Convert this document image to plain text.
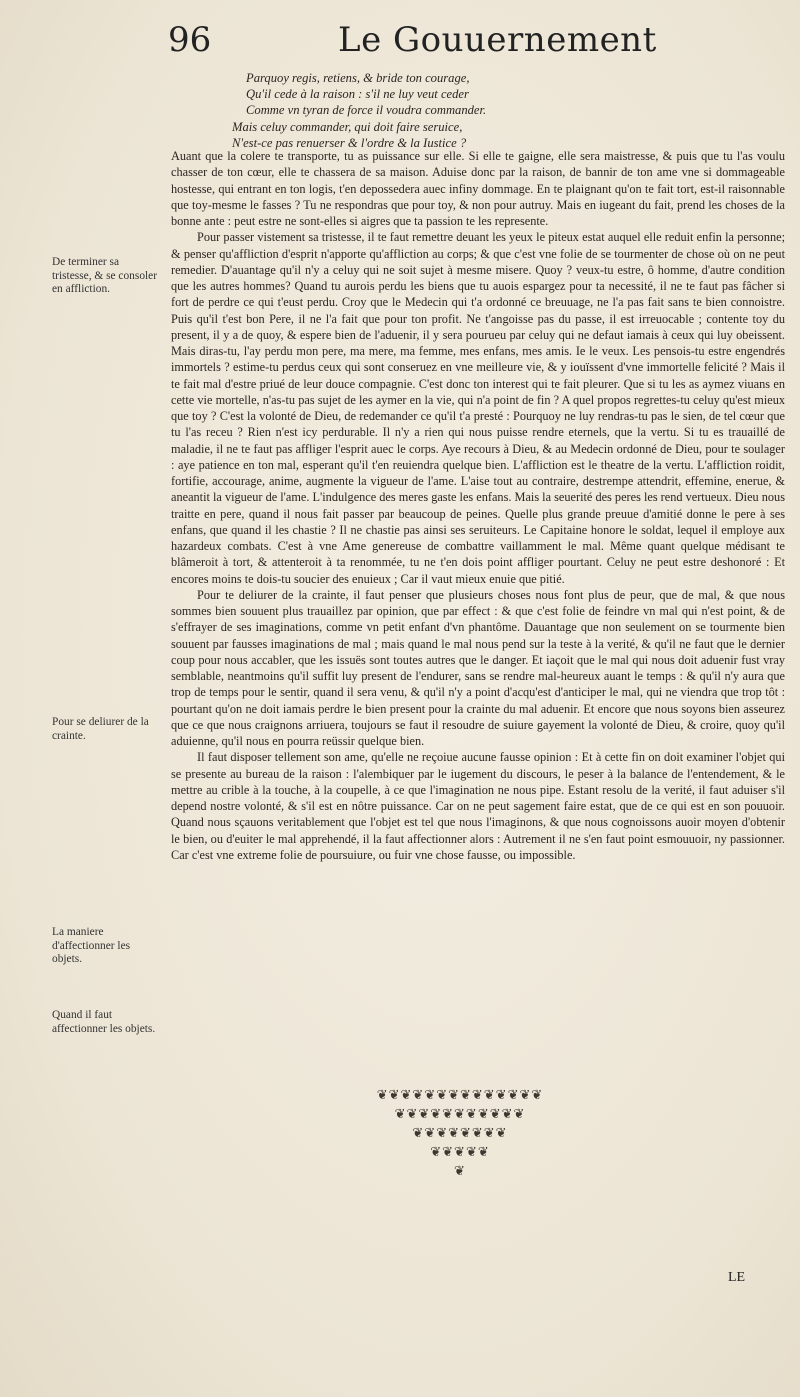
96	Le Gouuernement
Parquoy regis, retiens, & bride ton courage,
Qu'il cede à la raison : s'il ne luy veut ceder
Comme vn tyran de force il voudra commander.
Mais celuy commander, qui doit faire seruice,
N'est-ce pas renuerser & l'ordre & la Iustice ?

Auant que la colere te transporte, tu as puissance sur elle. Si elle te gaigne, elle sera maistresse, & puis que tu l'as voulu chasser de ton cœur, elle te chassera de sa maison. Aduise donc par la raison, de bannir de ton ame vne si dommageable hostesse, qui entrant en ton logis, t'en depossedera auec infiny dommage. En te plaignant qu'on te fait tort, est-il raisonnable que toy-mesme le fasses ? Tu ne respondras que pour toy, & non pour autruy. Mais en iugeant du fait, prend les choses de la bonne ante : peut estre ne sont-elles si aigres que ta passion te les represente.

Pour passer vistement sa tristesse, il te faut remettre deuant les yeux le piteux estat auquel elle reduit enfin la personne; & penser qu'affliction d'esprit n'apporte qu'affliction au corps; & que c'est vne folie de se tourmenter de chose où on ne peut remedier. D'auantage qu'il n'y a celuy qui ne soit sujet à mesme misere. Quoy ? veux-tu estre, ô homme, d'autre condition que les autres hommes? Quand tu aurois perdu les biens que tu auois espargez pour ta necessité, il ne te faut pas fâcher si fort de perdre ce qui t'eust perdu. Croy que le Medecin qui t'a ordonné ce breuuage, ne l'a pas fait sans te bien connoistre. Puis qu'il t'est bon Pere, il ne l'a fait que pour ton profit. Ne t'angoisse pas du passe, il est irreuocable ; contente toy du present, il y a de quoy, & espere bien de l'aduenir, il y sera pourueu par celuy qui ne defaut iamais à ceux qui luy obeissent. Mais diras-tu, l'ay perdu mon pere, ma mere, ma femme, mes enfans, mes amis. Ie le veux. Les pensois-tu estre engendrés immortels ? estime-tu perdus ceux qui sont conseruez en vne meilleure vie, & y iouïssent d'vne immortelle felicité ? Mais il te fait mal d'estre priué de leur douce compagnie. C'est donc ton interest qui te fait pleurer. Que si tu les as aymez viuans en cette vie mortelle, n'as-tu pas sujet de les aymer en la vie, qui n'a point de fin ? A quel propos regrettes-tu celuy qu'est mieux que toy ? C'est la volonté de Dieu, de redemander ce qu'il t'a presté : Pourquoy ne luy rendras-tu pas le sien, de tel cœur que tu l'as receu ? Rien n'est icy perdurable. Il n'y a rien qui nous puisse rendre eternels, que la vertu. Si tu es trauaillé de maladie, il ne te faut pas affliger l'esprit auec le corps. Aye recours à Dieu, & au Medecin ordonné de Dieu, pour te soulager : aye patience en ton mal, esperant qu'il t'en reuiendra quelque bien. L'affliction est le theatre de la vertu. L'affliction roidit, fortifie, accourage, anime, augmente la vigueur de l'ame. L'aise tout au contraire, destrempe attendrit, effemine, enerue, & aneantit la vigueur de l'ame. L'indulgence des meres gaste les enfans. Mais la seuerité des peres les rend vertueux. Dieu nous traitte en pere, quand il nous fait passer par beaucoup de peines. Quelle plus grande preuue d'amitié donne le pere à ses enfans, que quand il les chastie ? Il ne chastie pas ainsi ses seruiteurs. Le Capitaine honore le soldat, lequel il employe aux hazardeux combats. C'est à vne Ame genereuse de combattre vaillamment le mal. Même quant quelque médisant te blâmeroit à tort, & attenteroit à ta renommée, tu ne t'en dois point affliger pourtant. Celuy ne peut estre deshonoré : Et encores moins te dois-tu soucier des enuieux ; Car il vaut mieux enuie que pitié.

Pour te deliurer de la crainte, il faut penser que plusieurs choses nous font plus de peur, que de mal, & que nous sommes bien souuent plus trauaillez par opinion, que par effect : & que c'est folie de feindre vn mal qui n'est point, & de s'effrayer de ses imaginations, comme vn petit enfant d'vn phantôme. Dauantage que non seulement on se tourmente bien souuent par fausses imaginations de mal ; mais quand le mal nous pend sur la teste à la verité, & qu'il ne faut que le dernier coup pour nous accabler, que les issuës sont toutes autres que le danger. Et iaçoit que le mal qui nous doit aduenir fust vray semblable, neantmoins qu'il suffit luy present de l'endurer, sans se rendre mal-heureux auant le temps : & qu'il n'y aura que trop de temps pour le sentir, quand il sera venu, & qu'il n'y a point d'acqu'est d'anticiper le mal, qui ne viendra que trop tôt : pourtant qu'on ne doit iamais perdre le bien present pour la crainte du mal aduenir. Et encore que nous soyons bien asseurez que ce que nous craignons arriuera, toujours se faut il resoudre de suiure gayement la volonté de Dieu, & croire, quoy qu'il aduienne, qu'il nous en pourra reüssir quelque bien.

Il faut disposer tellement son ame, qu'elle ne reçoiue aucune fausse opinion : Et à cette fin on doit examiner l'objet qui se presente au bureau de la raison : l'alembiquer par le iugement du discours, le peser à la balance de l'entendement, & le mettre au crible à la touche, à la coupelle, à ce que l'imagination ne nous pipe. Estant resolu de la verité, il faut aduiser s'il depend nostre volonté, & s'il est en nôtre puissance. Car on ne peut sagement faire estat, que de ce qui est en son pouuoir. Quand nous sçauons veritablement que l'objet est tel que nous l'imaginons, & que nous cognoissons auoir moyen d'obtenir le bien, ou d'euiter le mal apprehendé, il la faut affectionner alors : Autrement il ne s'en faut point esmouuoir, ny passionner. Car c'est vne extreme folie de poursuiure, ou fuir vne chose fausse, ou impossible.

De terminer sa tristesse, & se consoler en affliction.
Pour se deliurer de la crainte.
La maniere d'affectionner les objets.
Quand il faut affectionner les objets.
❦❦❦❦❦❦❦❦❦❦❦❦❦❦
❦❦❦❦❦❦❦❦❦❦❦
❦❦❦❦❦❦❦❦
❦❦❦❦❦
❦
LE
